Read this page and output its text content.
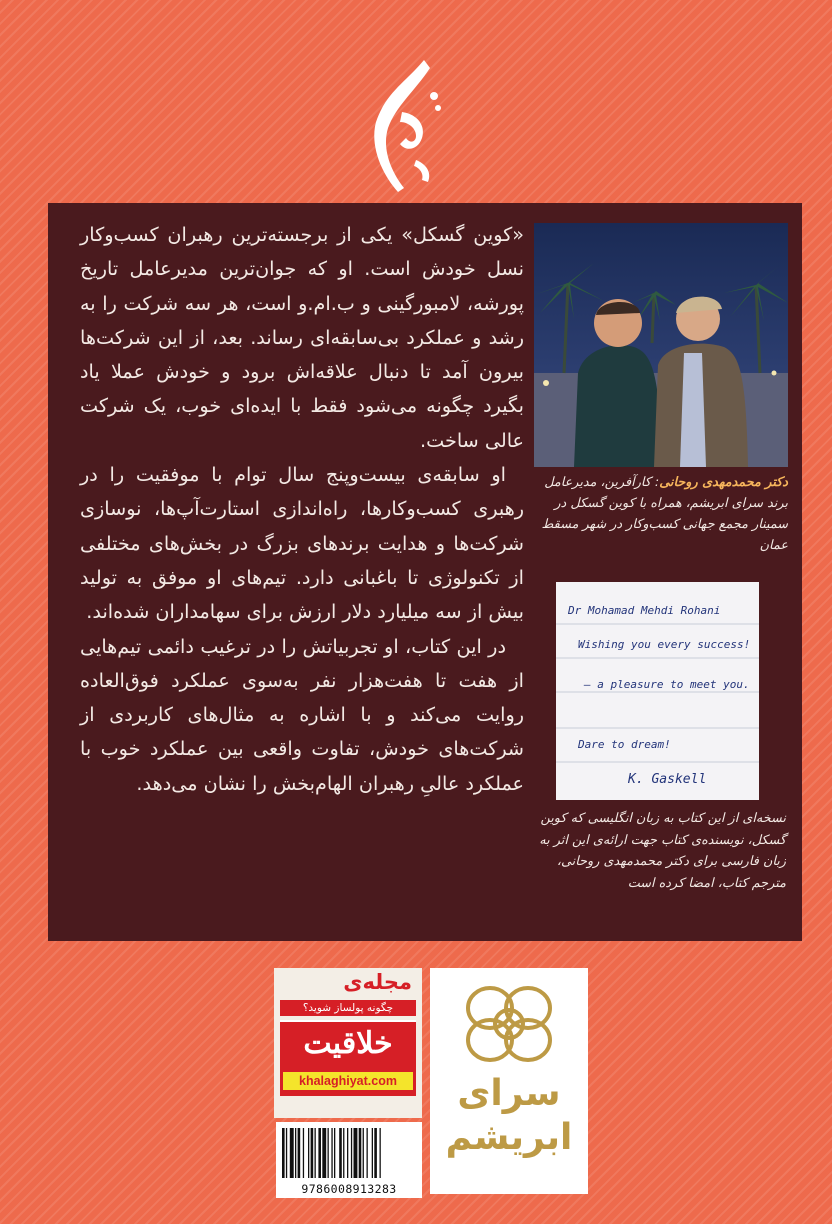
«کوین گسکل» یکی از برجسته‌ترین رهبران کسب‌وکار نسل خودش است. او که جوان‌ترین مدیرعامل تاریخ پورشه، لامبورگینی و ب.ام.و است، هر سه شرکت را به رشد و عملکرد بی‌سابقه‌ای رساند. بعد، از این شرکت‌ها بیرون آمد تا دنبال علاقه‌اش برود و خودش عملا یاد بگیرد چگونه می‌شود فقط با ایده‌ای خوب، یک شرکت عالی ساخت.

او سابقه‌ی بیست‌وپنج سال توام با موفقیت را در رهبری کسب‌وکارها، راه‌اندازی استارت‌آپ‌ها، نوسازی شرکت‌ها و هدایت برندهای بزرگ در بخش‌های مختلفی از تکنولوژی تا باغبانی دارد. تیم‌های او موفق به تولید بیش از سه میلیارد دلار ارزش برای سهامداران شده‌اند.

در این کتاب، او تجربیاتش را در ترغیب دائمی تیم‌هایی از هفت تا هفت‌هزار نفر به‌سوی عملکرد فوق‌العاده روایت می‌کند و با اشاره به مثال‌های کاربردی از شرکت‌های خودش، تفاوت واقعی بین عملکرد خوب با عملکرد عالیِ رهبران الهام‌بخش را نشان می‌دهد.

دکتر محمدمهدی روحانی: کارآفرین، مدیرعامل برند سرای ابریشم، همراه با کوین گسکل در سمینار مجمع جهانی کسب‌وکار در شهر مسقط عمان
Dr Mohamad Mehdi Rohani
Wishing you every success!
— a pleasure to meet you.
Dare to dream!
K. Gaskell
نسخه‌ای از این کتاب به زبان انگلیسی که کوین گسکل، نویسنده‌ی کتاب جهت ارائه‌ی این اثر به زبان فارسی برای دکتر محمدمهدی روحانی، مترجم کتاب، امضا کرده است
مجله‌ی
چگونه پولساز شوید؟
خلاقیت
khalaghiyat.com	سرای
ابریشم
9786008913283
